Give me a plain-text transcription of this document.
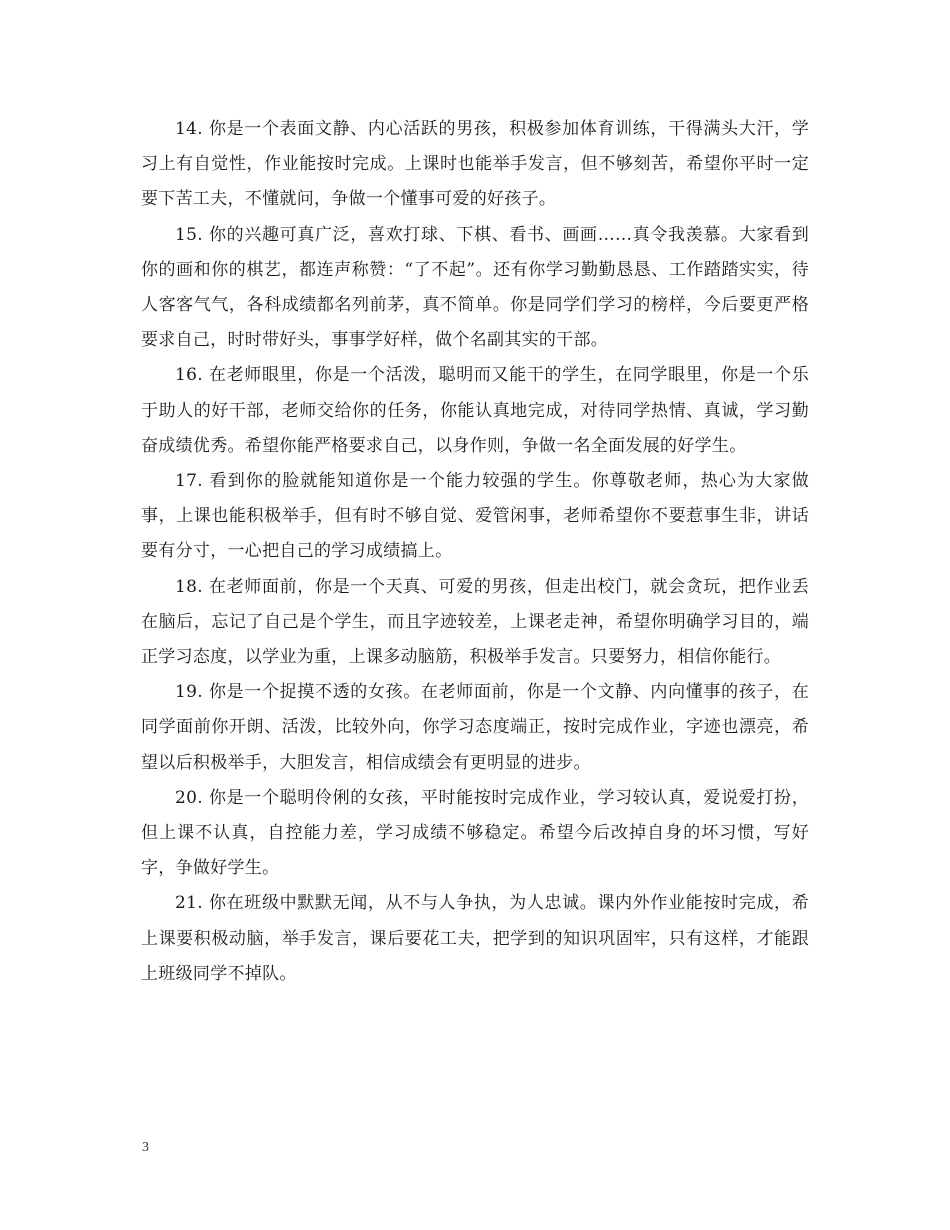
14. 你是一个表面文静、内心活跃的男孩，积极参加体育训练，干得满头大汗，学习上有自觉性，作业能按时完成。上课时也能举手发言，但不够刻苦，希望你平时一定要下苦工夫，不懂就问，争做一个懂事可爱的好孩子。

15. 你的兴趣可真广泛，喜欢打球、下棋、看书、画画……真令我羡慕。大家看到你的画和你的棋艺，都连声称赞：“了不起”。还有你学习勤勤恳恳、工作踏踏实实，待人客客气气，各科成绩都名列前茅，真不简单。你是同学们学习的榜样，今后要更严格要求自己，时时带好头，事事学好样，做个名副其实的干部。

16. 在老师眼里，你是一个活泼，聪明而又能干的学生，在同学眼里，你是一个乐于助人的好干部，老师交给你的任务，你能认真地完成，对待同学热情、真诚，学习勤奋成绩优秀。希望你能严格要求自己，以身作则，争做一名全面发展的好学生。

17. 看到你的脸就能知道你是一个能力较强的学生。你尊敬老师，热心为大家做事，上课也能积极举手，但有时不够自觉、爱管闲事，老师希望你不要惹事生非，讲话要有分寸，一心把自己的学习成绩搞上。

18. 在老师面前，你是一个天真、可爱的男孩，但走出校门，就会贪玩，把作业丢在脑后，忘记了自己是个学生，而且字迹较差，上课老走神，希望你明确学习目的，端正学习态度，以学业为重，上课多动脑筋，积极举手发言。只要努力，相信你能行。

19. 你是一个捉摸不透的女孩。在老师面前，你是一个文静、内向懂事的孩子，在同学面前你开朗、活泼，比较外向，你学习态度端正，按时完成作业，字迹也漂亮，希望以后积极举手，大胆发言，相信成绩会有更明显的进步。

20. 你是一个聪明伶俐的女孩，平时能按时完成作业，学习较认真，爱说爱打扮，但上课不认真，自控能力差，学习成绩不够稳定。希望今后改掉自身的坏习惯，写好字，争做好学生。

21. 你在班级中默默无闻，从不与人争执，为人忠诚。课内外作业能按时完成，希上课要积极动脑，举手发言，课后要花工夫，把学到的知识巩固牢，只有这样，才能跟上班级同学不掉队。

3
